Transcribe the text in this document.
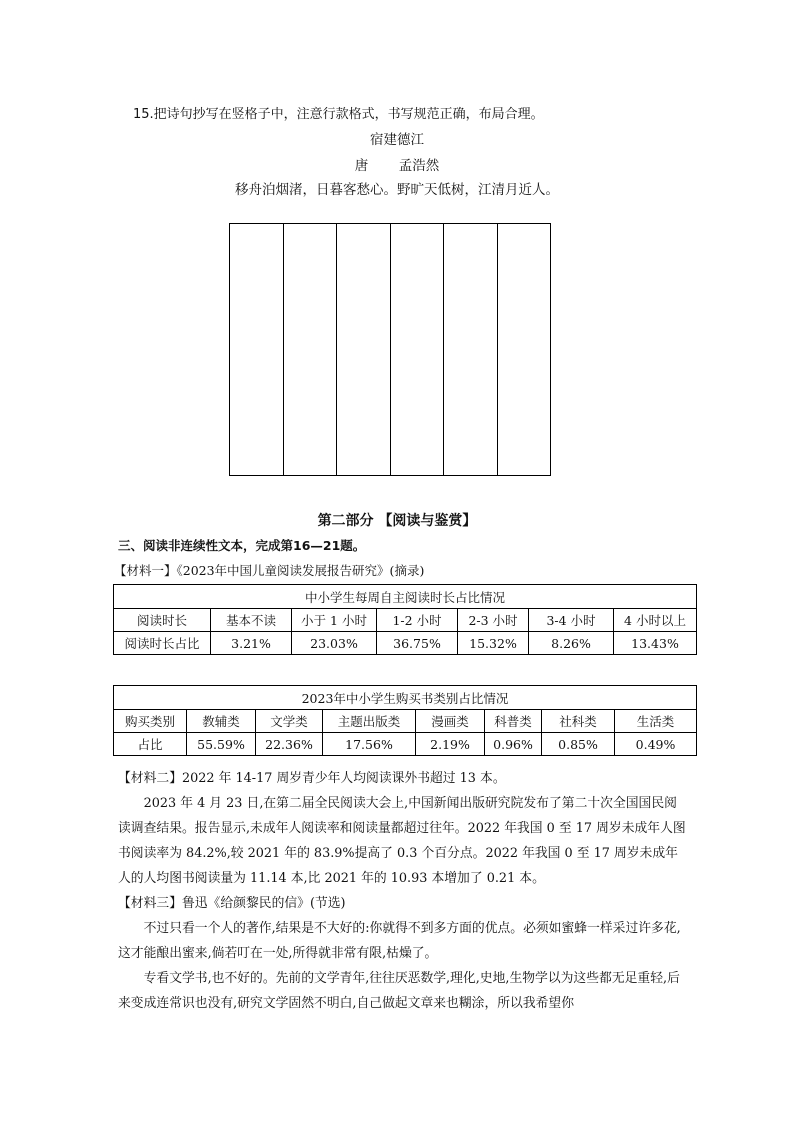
15.把诗句抄写在竖格子中，注意行款格式，书写规范正确，布局合理。
宿建德江
唐 孟浩然
移舟泊烟渚，日暮客愁心。野旷天低树，江清月近人。
第二部分 【阅读与鉴赏】
三、阅读非连续性文本，完成第16—21题。
【材料一】《2023年中国儿童阅读发展报告研究》(摘录)
中小学生每周自主阅读时长占比情况						
阅读时长	基本不读	小于 1 小时	1-2 小时	2-3 小时	3-4 小时	4 小时以上
阅读时长占比	3.21%	23.03%	36.75%	15.32%	8.26%	13.43%
2023年中小学生购买书类别占比情况							
购买类别	教辅类	文学类	主题出版类	漫画类	科普类	社科类	生活类
占比	55.59%	22.36%	17.56%	2.19%	0.96%	0.85%	0.49%

【材料二】2022 年 14-17 周岁青少年人均阅读课外书超过 13 本。

2023 年 4 月 23 日,在第二届全民阅读大会上,中国新闻出版研究院发布了第二十次全国国民阅读调查结果。报告显示,未成年人阅读率和阅读量都超过往年。2022 年我国 0 至 17 周岁未成年人图书阅读率为 84.2%,较 2021 年的 83.9%提高了 0.3 个百分点。2022 年我国 0 至 17 周岁未成年人的人均图书阅读量为 11.14 本,比 2021 年的 10.93 本增加了 0.21 本。

【材料三】鲁迅《给颜黎民的信》(节选)

不过只看一个人的著作,结果是不大好的:你就得不到多方面的优点。必须如蜜蜂一样采过许多花,这才能酿出蜜来,倘若叮在一处,所得就非常有限,枯燥了。

专看文学书,也不好的。先前的文学青年,往往厌恶数学,理化,史地,生物学以为这些都无足重轻,后来变成连常识也没有,研究文学固然不明白,自己做起文章来也糊涂，所以我希望你
